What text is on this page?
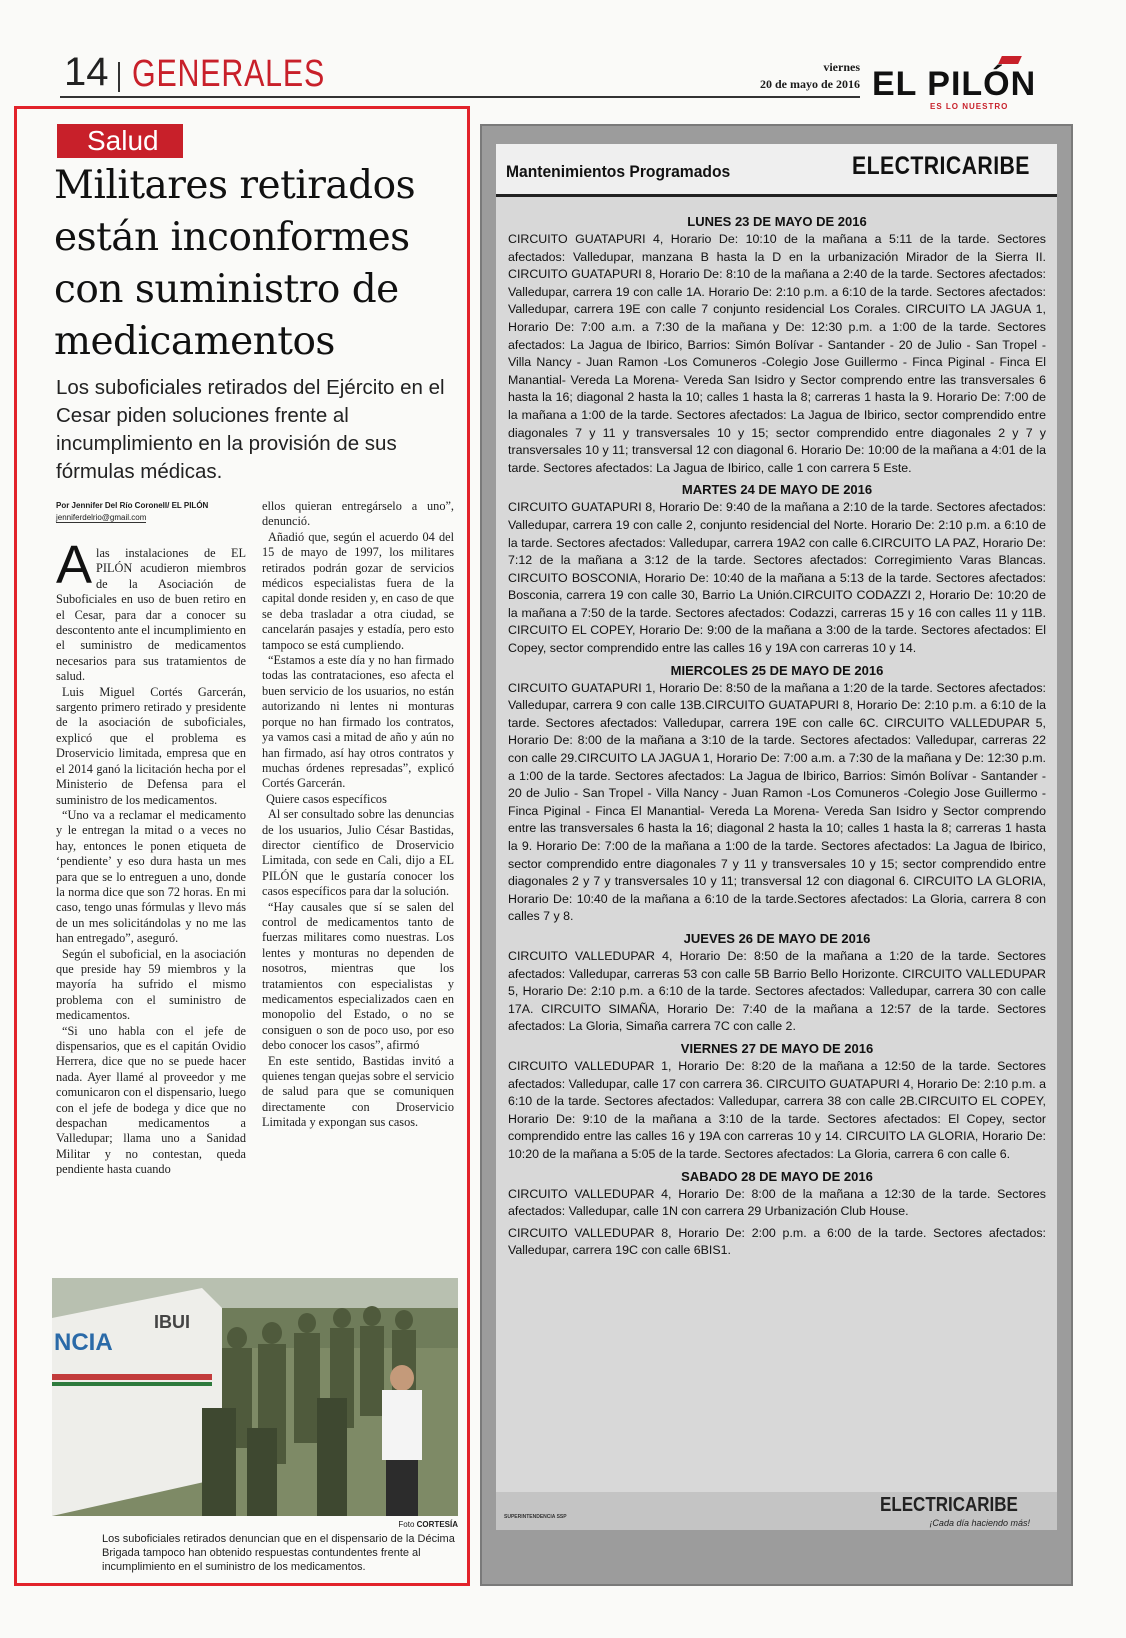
14 GENERALES	viernes
20 de mayo de 2016 EL PILÓN
ES LO NUESTRO
Salud
Militares retirados están inconformes con suministro de medicamentos
Los suboficiales retirados del Ejército en el Cesar piden soluciones frente al incumplimiento en la provisión de sus fórmulas médicas.
Por Jennifer Del Río Coronell/ EL PILÓN
jenniferdelrio@gmail.com
A las instalaciones de EL PILÓN acudieron miembros de la Asociación de Suboficiales en uso de buen retiro en el Cesar, para dar a conocer su descontento ante el incumplimiento en el suministro de medicamentos necesarios para sus tratamientos de salud.

Luis Miguel Cortés Garcerán, sargento primero retirado y presidente de la asociación de suboficiales, explicó que el problema es Droservicio limitada, empresa que en el 2014 ganó la licitación hecha por el Ministerio de Defensa para el suministro de los medicamentos.

“Uno va a reclamar el medicamento y le entregan la mitad o a veces no hay, entonces le ponen etiqueta de ‘pendiente’ y eso dura hasta un mes para que se lo entreguen a uno, donde la norma dice que son 72 horas. En mi caso, tengo unas fórmulas y llevo más de un mes solicitándolas y no me las han entregado”, aseguró.

Según el suboficial, en la asociación que preside hay 59 miembros y la mayoría ha sufrido el mismo problema con el suministro de medicamentos.

“Si uno habla con el jefe de dispensarios, que es el capitán Ovidio Herrera, dice que no se puede hacer nada. Ayer llamé al proveedor y me comunicaron con el dispensario, luego con el jefe de bodega y dice que no despachan medicamentos a Valledupar; llama uno a Sanidad Militar y no contestan, queda pendiente hasta cuando

ellos quieran entregárselo a uno”, denunció.

Añadió que, según el acuerdo 04 del 15 de mayo de 1997, los militares retirados podrán gozar de servicios médicos especialistas fuera de la capital donde residen y, en caso de que se deba trasladar a otra ciudad, se cancelarán pasajes y estadía, pero esto tampoco se está cumpliendo.

“Estamos a este día y no han firmado todas las contrataciones, eso afecta el buen servicio de los usuarios, no están autorizando ni lentes ni monturas porque no han firmado los contratos, ya vamos casi a mitad de año y aún no han firmado, así hay otros contratos y muchas órdenes represadas”, explicó Cortés Garcerán.

Quiere casos específicos

Al ser consultado sobre las denuncias de los usuarios, Julio César Bastidas, director científico de Droservicio Limitada, con sede en Cali, dijo a EL PILÓN que le gustaría conocer los casos específicos para dar la solución.

“Hay causales que sí se salen del control de medicamentos tanto de fuerzas militares como nuestras. Los lentes y monturas no dependen de nosotros, mientras que los tratamientos con especialistas y medicamentos especializados caen en monopolio del Estado, o no se consiguen o son de poco uso, por eso debo conocer los casos”, afirmó

En este sentido, Bastidas invitó a quienes tengan quejas sobre el servicio de salud para que se comuniquen directamente con Droservicio Limitada y expongan sus casos.

NCIA
IBUI
Foto CORTESÍA
Los suboficiales retirados denuncian que en el dispensario de la Décima Brigada tampoco han obtenido respuestas contundentes frente al incumplimiento en el suministro de los medicamentos.
Mantenimientos Programados	ELECTRICARIBE
LUNES 23 DE MAYO DE 2016

CIRCUITO GUATAPURI 4, Horario De: 10:10 de la mañana a 5:11 de la tarde. Sectores afectados: Valledupar, manzana B hasta la D en la urbanización Mirador de la Sierra II. CIRCUITO GUATAPURI 8, Horario De: 8:10 de la mañana a 2:40 de la tarde. Sectores afectados: Valledupar, carrera 19 con calle 1A. Horario De: 2:10 p.m. a 6:10 de la tarde. Sectores afectados: Valledupar, carrera 19E con calle 7 conjunto residencial Los Corales. CIRCUITO LA JAGUA 1, Horario De: 7:00 a.m. a 7:30 de la mañana y De: 12:30 p.m. a 1:00 de la tarde. Sectores afectados: La Jagua de Ibirico, Barrios: Simón Bolívar - Santander - 20 de Julio - San Tropel - Villa Nancy - Juan Ramon -Los Comuneros -Colegio Jose Guillermo - Finca Piginal - Finca El Manantial- Vereda La Morena- Vereda San Isidro y Sector comprendo entre las transversales 6 hasta la 16; diagonal 2 hasta la 10; calles 1 hasta la 8; carreras 1 hasta la 9. Horario De: 7:00 de la mañana a 1:00 de la tarde. Sectores afectados: La Jagua de Ibirico, sector comprendido entre diagonales 7 y 11 y transversales 10 y 15; sector comprendido entre diagonales 2 y 7 y transversales 10 y 11; transversal 12 con diagonal 6. Horario De: 10:00 de la mañana a 4:01 de la tarde. Sectores afectados: La Jagua de Ibirico, calle 1 con carrera 5 Este.

MARTES 24 DE MAYO DE 2016

CIRCUITO GUATAPURI 8, Horario De: 9:40 de la mañana a 2:10 de la tarde. Sectores afectados: Valledupar, carrera 19 con calle 2, conjunto residencial del Norte. Horario De: 2:10 p.m. a 6:10 de la tarde. Sectores afectados: Valledupar, carrera 19A2 con calle 6.CIRCUITO LA PAZ, Horario De: 7:12 de la mañana a 3:12 de la tarde. Sectores afectados: Corregimiento Varas Blancas. CIRCUITO BOSCONIA, Horario De: 10:40 de la mañana a 5:13 de la tarde. Sectores afectados: Bosconia, carrera 19 con calle 30, Barrio La Unión.CIRCUITO CODAZZI 2, Horario De: 10:20 de la mañana a 7:50 de la tarde. Sectores afectados: Codazzi, carreras 15 y 16 con calles 11 y 11B. CIRCUITO EL COPEY, Horario De: 9:00 de la mañana a 3:00 de la tarde. Sectores afectados: El Copey, sector comprendido entre las calles 16 y 19A con carreras 10 y 14.

MIERCOLES 25 DE MAYO DE 2016

CIRCUITO GUATAPURI 1, Horario De: 8:50 de la mañana a 1:20 de la tarde. Sectores afectados: Valledupar, carrera 9 con calle 13B.CIRCUITO GUATAPURI 8, Horario De: 2:10 p.m. a 6:10 de la tarde. Sectores afectados: Valledupar, carrera 19E con calle 6C. CIRCUITO VALLEDUPAR 5, Horario De: 8:00 de la mañana a 3:10 de la tarde. Sectores afectados: Valledupar, carreras 22 con calle 29.CIRCUITO LA JAGUA 1, Horario De: 7:00 a.m. a 7:30 de la mañana y De: 12:30 p.m. a 1:00 de la tarde. Sectores afectados: La Jagua de Ibirico, Barrios: Simón Bolívar - Santander - 20 de Julio - San Tropel - Villa Nancy - Juan Ramon -Los Comuneros -Colegio Jose Guillermo - Finca Piginal - Finca El Manantial- Vereda La Morena- Vereda San Isidro y Sector comprendo entre las transversales 6 hasta la 16; diagonal 2 hasta la 10; calles 1 hasta la 8; carreras 1 hasta la 9. Horario De: 7:00 de la mañana a 1:00 de la tarde. Sectores afectados: La Jagua de Ibirico, sector comprendido entre diagonales 7 y 11 y transversales 10 y 15; sector comprendido entre diagonales 2 y 7 y transversales 10 y 11; transversal 12 con diagonal 6. CIRCUITO LA GLORIA, Horario De: 10:40 de la mañana a 6:10 de la tarde.Sectores afectados: La Gloria, carrera 8 con calles 7 y 8.

JUEVES 26 DE MAYO DE 2016

CIRCUITO VALLEDUPAR 4, Horario De: 8:50 de la mañana a 1:20 de la tarde. Sectores afectados: Valledupar, carreras 53 con calle 5B Barrio Bello Horizonte. CIRCUITO VALLEDUPAR 5, Horario De: 2:10 p.m. a 6:10 de la tarde. Sectores afectados: Valledupar, carrera 30 con calle 17A. CIRCUITO SIMAÑA, Horario De: 7:40 de la mañana a 12:57 de la tarde. Sectores afectados: La Gloria, Simaña carrera 7C con calle 2.

VIERNES 27 DE MAYO DE 2016

CIRCUITO VALLEDUPAR 1, Horario De: 8:20 de la mañana a 12:50 de la tarde. Sectores afectados: Valledupar, calle 17 con carrera 36. CIRCUITO GUATAPURI 4, Horario De: 2:10 p.m. a 6:10 de la tarde. Sectores afectados: Valledupar, carrera 38 con calle 2B.CIRCUITO EL COPEY, Horario De: 9:10 de la mañana a 3:10 de la tarde. Sectores afectados: El Copey, sector comprendido entre las calles 16 y 19A con carreras 10 y 14. CIRCUITO LA GLORIA, Horario De: 10:20 de la mañana a 5:05 de la tarde. Sectores afectados: La Gloria, carrera 6 con calle 6.

SABADO 28 DE MAYO DE 2016

CIRCUITO VALLEDUPAR 4, Horario De: 8:00 de la mañana a 12:30 de la tarde. Sectores afectados: Valledupar, calle 1N con carrera 29 Urbanización Club House.

CIRCUITO VALLEDUPAR 8, Horario De: 2:00 p.m. a 6:00 de la tarde. Sectores afectados: Valledupar, carrera 19C con calle 6BIS1.

SUPERINTENDENCIA SSP
ELECTRICARIBE
¡Cada día haciendo más!
